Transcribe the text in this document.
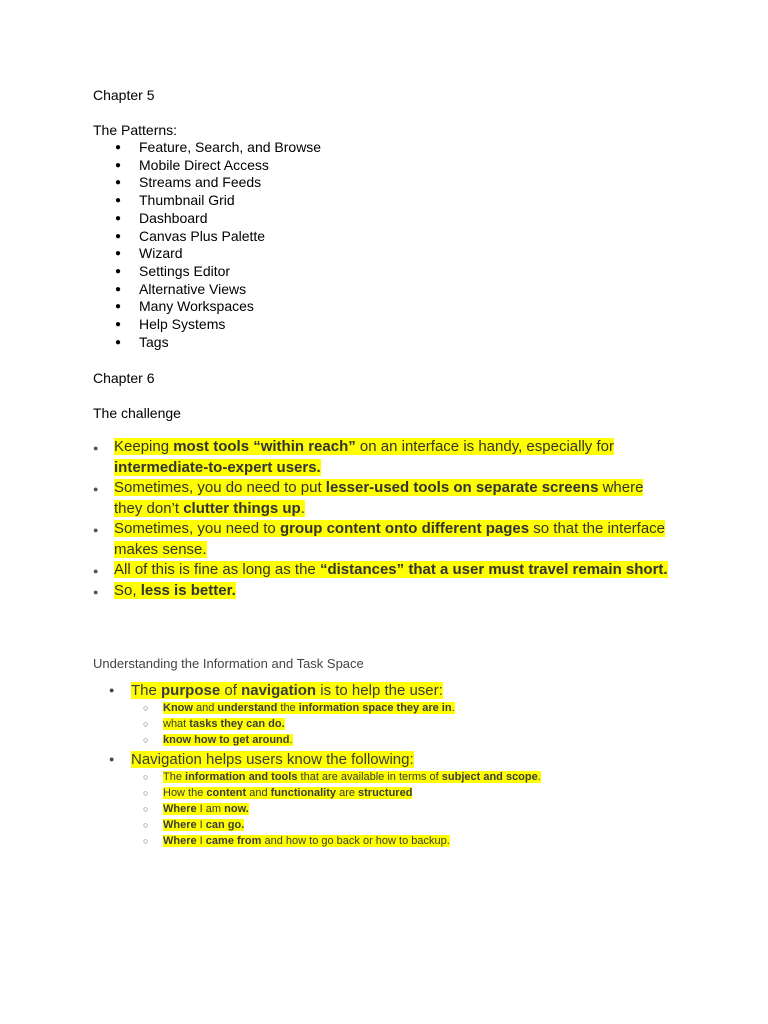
Chapter 5
The Patterns:
● Feature, Search, and Browse
● Mobile Direct Access
● Streams and Feeds
● Thumbnail Grid
● Dashboard
● Canvas Plus Palette
● Wizard
● Settings Editor
● Alternative Views
● Many Workspaces
● Help Systems
● Tags
Chapter 6
The challenge
● Keeping most tools “within reach” on an interface is handy, especially for intermediate-to-expert users.
● Sometimes, you do need to put lesser-used tools on separate screens where they don’t clutter things up.
● Sometimes, you need to group content onto different pages so that the interface makes sense.
● All of this is fine as long as the “distances” that a user must travel remain short.
● So, less is better.
Understanding the Information and Task Space
● The purpose of navigation is to help the user:
○ Know and understand the information space they are in.
○ what tasks they can do.
○ know how to get around.
● Navigation helps users know the following:
○ The information and tools that are available in terms of subject and scope.
○ How the content and functionality are structured
○ Where I am now.
○ Where I can go.
○ Where I came from and how to go back or how to backup.
